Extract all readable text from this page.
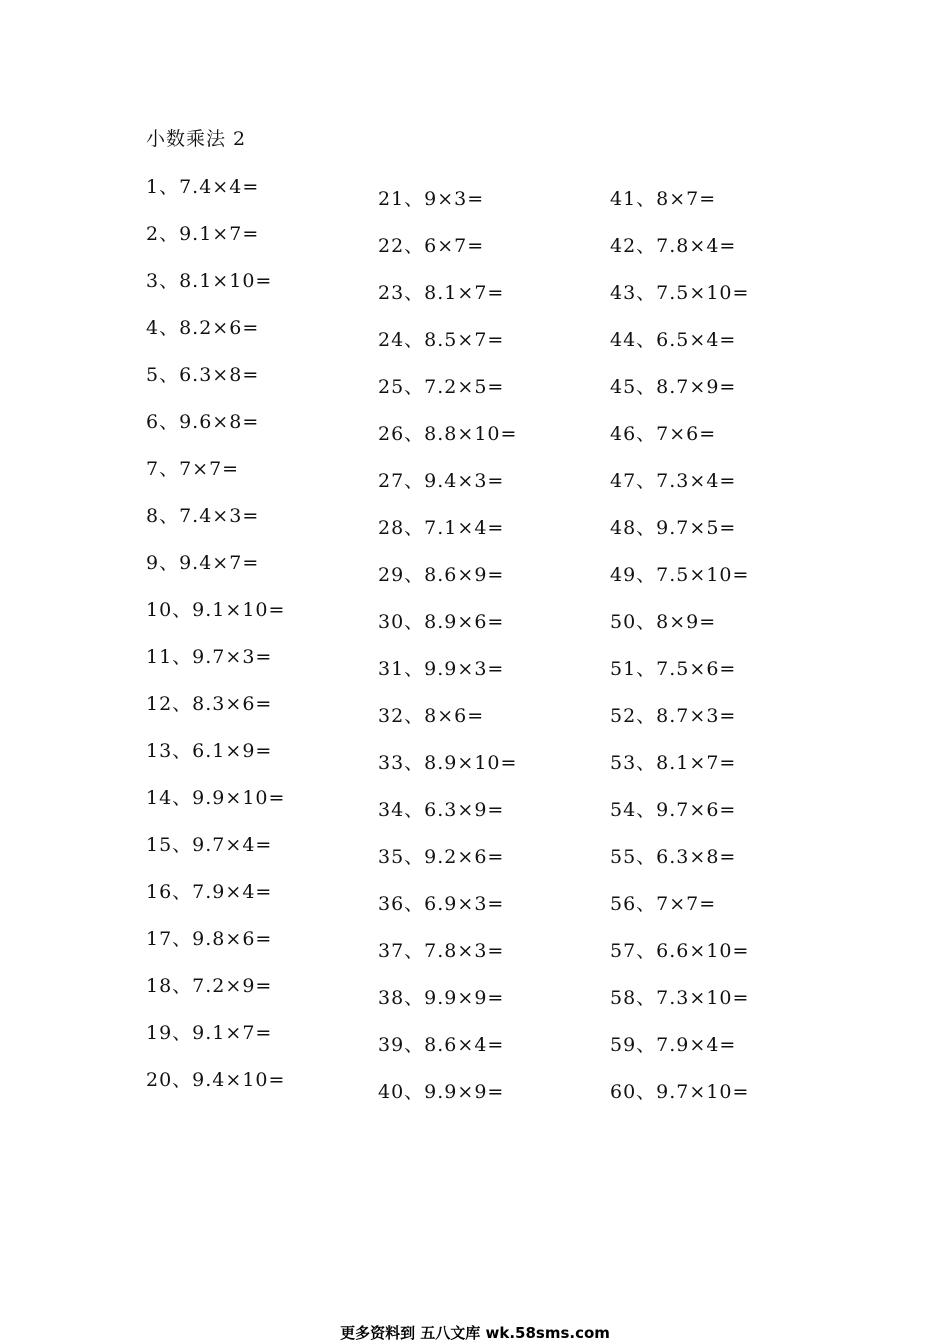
小数乘法 2
1、7.4×4=
2、9.1×7=
3、8.1×10=
4、8.2×6=
5、6.3×8=
6、9.6×8=
7、7×7=
8、7.4×3=
9、9.4×7=
10、9.1×10=
11、9.7×3=
12、8.3×6=
13、6.1×9=
14、9.9×10=
15、9.7×4=
16、7.9×4=
17、9.8×6=
18、7.2×9=
19、9.1×7=
20、9.4×10=
21、9×3=
22、6×7=
23、8.1×7=
24、8.5×7=
25、7.2×5=
26、8.8×10=
27、9.4×3=
28、7.1×4=
29、8.6×9=
30、8.9×6=
31、9.9×3=
32、8×6=
33、8.9×10=
34、6.3×9=
35、9.2×6=
36、6.9×3=
37、7.8×3=
38、9.9×9=
39、8.6×4=
40、9.9×9=
41、8×7=
42、7.8×4=
43、7.5×10=
44、6.5×4=
45、8.7×9=
46、7×6=
47、7.3×4=
48、9.7×5=
49、7.5×10=
50、8×9=
51、7.5×6=
52、8.7×3=
53、8.1×7=
54、9.7×6=
55、6.3×8=
56、7×7=
57、6.6×10=
58、7.3×10=
59、7.9×4=
60、9.7×10=
更多资料到 五八文库 wk.58sms.com
